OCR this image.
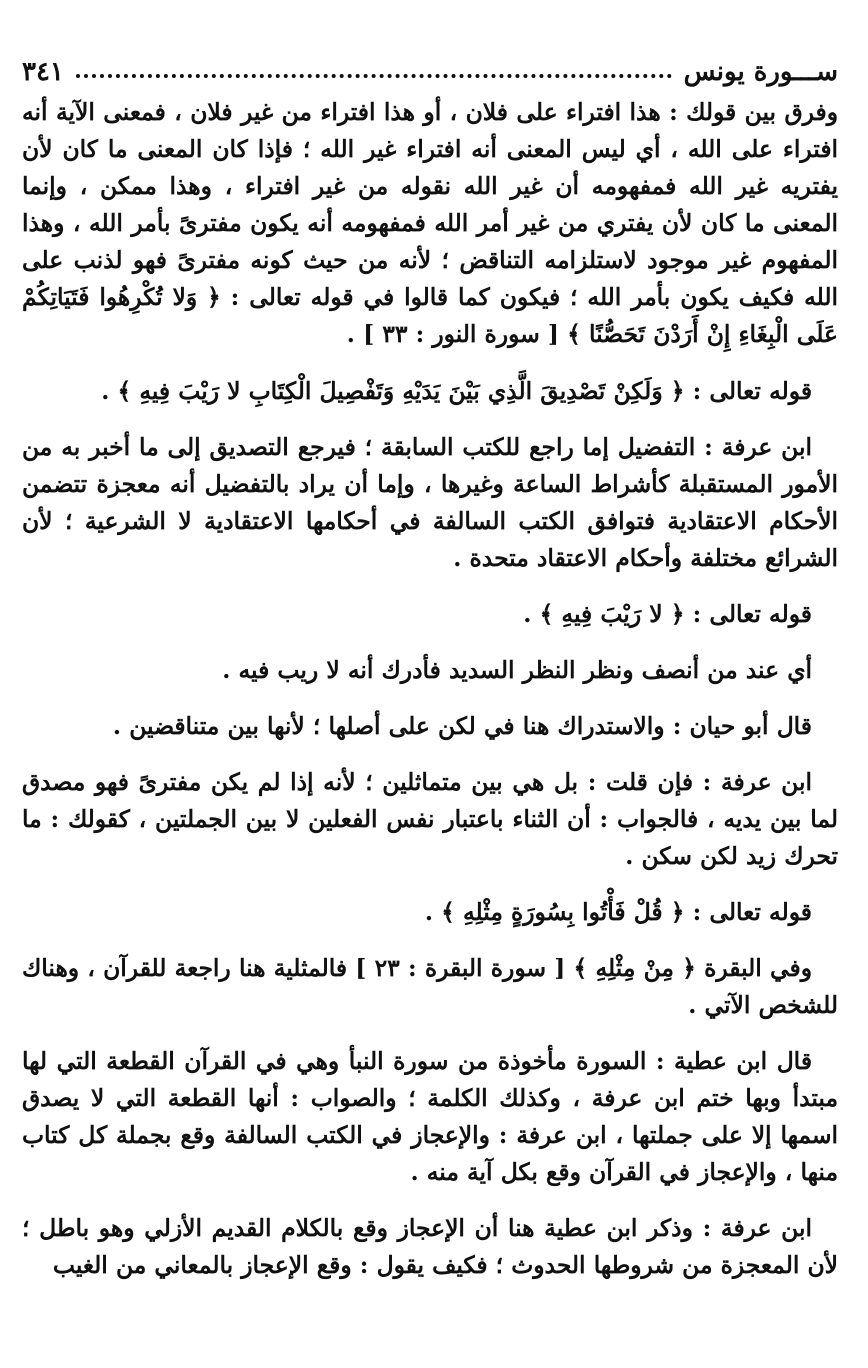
ســـورة يونس
٣٤١

وفرق بين قولك : هذا افتراء على فلان ، أو هذا افتراء من غير فلان ، فمعنى الآية أنه افتراء على الله ، أي ليس المعنى أنه افتراء غير الله ؛ فإذا كان المعنى ما كان لأن يفتريه غير الله فمفهومه أن غير الله نقوله من غير افتراء ، وهذا ممكن ، وإنما المعنى ما كان لأن يفتري من غير أمر الله فمفهومه أنه يكون مفترىً بأمر الله ، وهذا المفهوم غير موجود لاستلزامه التناقض ؛ لأنه من حيث كونه مفترىً فهو لذنب على الله فكيف يكون بأمر الله ؛ فيكون كما قالوا في قوله تعالى : ﴿ وَلا تُكْرِهُوا فَتَيَاتِكُمْ عَلَى الْبِغَاءِ إِنْ أَرَدْنَ تَحَصُّنًا ﴾ [ سورة النور : ٣٣ ] .

قوله تعالى : ﴿ وَلَكِنْ تَصْدِيقَ الَّذِي بَيْنَ يَدَيْهِ وَتَفْصِيلَ الْكِتَابِ لا رَيْبَ فِيهِ ﴾ .

ابن عرفة : التفضيل إما راجع للكتب السابقة ؛ فيرجع التصديق إلى ما أخبر به من الأمور المستقبلة كأشراط الساعة وغيرها ، وإما أن يراد بالتفضيل أنه معجزة تتضمن الأحكام الاعتقادية فتوافق الكتب السالفة في أحكامها الاعتقادية لا الشرعية ؛ لأن الشرائع مختلفة وأحكام الاعتقاد متحدة .

قوله تعالى : ﴿ لا رَيْبَ فِيهِ ﴾ .

أي عند من أنصف ونظر النظر السديد فأدرك أنه لا ريب فيه .

قال أبو حيان : والاستدراك هنا في لكن على أصلها ؛ لأنها بين متناقضين .

ابن عرفة : فإن قلت : بل هي بين متماثلين ؛ لأنه إذا لم يكن مفترىً فهو مصدق لما بين يديه ، فالجواب : أن الثناء باعتبار نفس الفعلين لا بين الجملتين ، كقولك : ما تحرك زيد لكن سكن .

قوله تعالى : ﴿ قُلْ فَأْتُوا بِسُورَةٍ مِثْلِهِ ﴾ .

وفي البقرة ﴿ مِنْ مِثْلِهِ ﴾ [ سورة البقرة : ٢٣ ] فالمثلية هنا راجعة للقرآن ، وهناك للشخص الآتي .

قال ابن عطية : السورة مأخوذة من سورة النبأ وهي في القرآن القطعة التي لها مبتدأ وبها ختم ابن عرفة ، وكذلك الكلمة ؛ والصواب : أنها القطعة التي لا يصدق اسمها إلا على جملتها ، ابن عرفة : والإعجاز في الكتب السالفة وقع بجملة كل كتاب منها ، والإعجاز في القرآن وقع بكل آية منه .

ابن عرفة : وذكر ابن عطية هنا أن الإعجاز وقع بالكلام القديم الأزلي وهو باطل ؛ لأن المعجزة من شروطها الحدوث ؛ فكيف يقول : وقع الإعجاز بالمعاني من الغيب
